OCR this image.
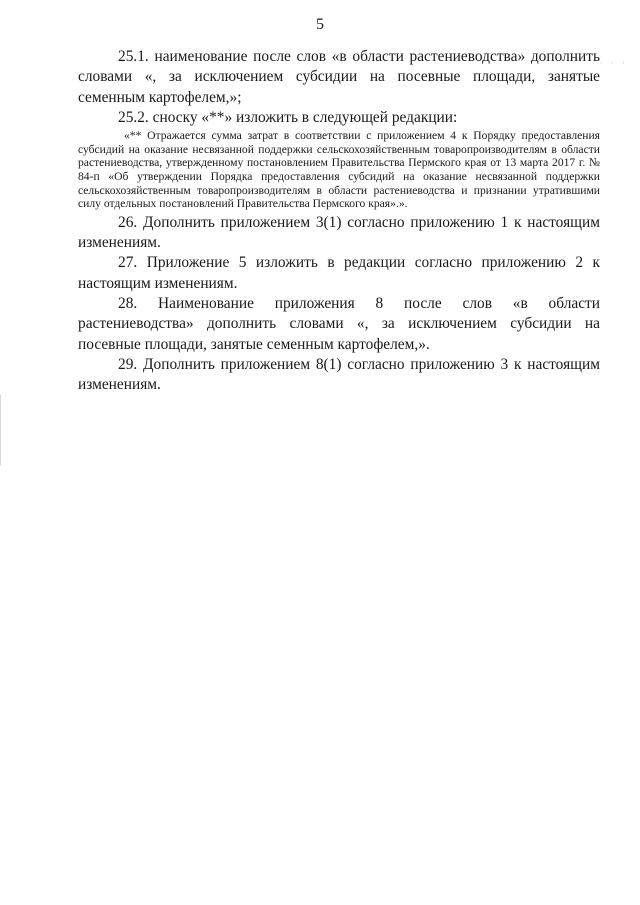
5
· · ·

25.1. наименование после слов «в области растениеводства» дополнить словами «, за исключением субсидии на посевные площади, занятые семенным картофелем,»;

25.2. сноску «**» изложить в следующей редакции:

«** Отражается сумма затрат в соответствии с приложением 4 к Порядку предоставления субсидий на оказание несвязанной поддержки сельскохозяйственным товаропроизводителям в области растениеводства, утвержденному постановлением Правительства Пермского края от 13 марта 2017 г. № 84-п «Об утверждении Порядка предоставления субсидий на оказание несвязанной поддержки сельскохозяйственным товаропроизводителям в области растениеводства и признании утратившими силу отдельных постановлений Правительства Пермского края».».

26. Дополнить приложением 3(1) согласно приложению 1 к настоящим изменениям.

27. Приложение 5 изложить в редакции согласно приложению 2 к настоящим изменениям.

28. Наименование приложения 8 после слов «в области растениеводства» дополнить словами «, за исключением субсидии на посевные площади, занятые семенным картофелем,».

29. Дополнить приложением 8(1) согласно приложению 3 к настоящим изменениям.
